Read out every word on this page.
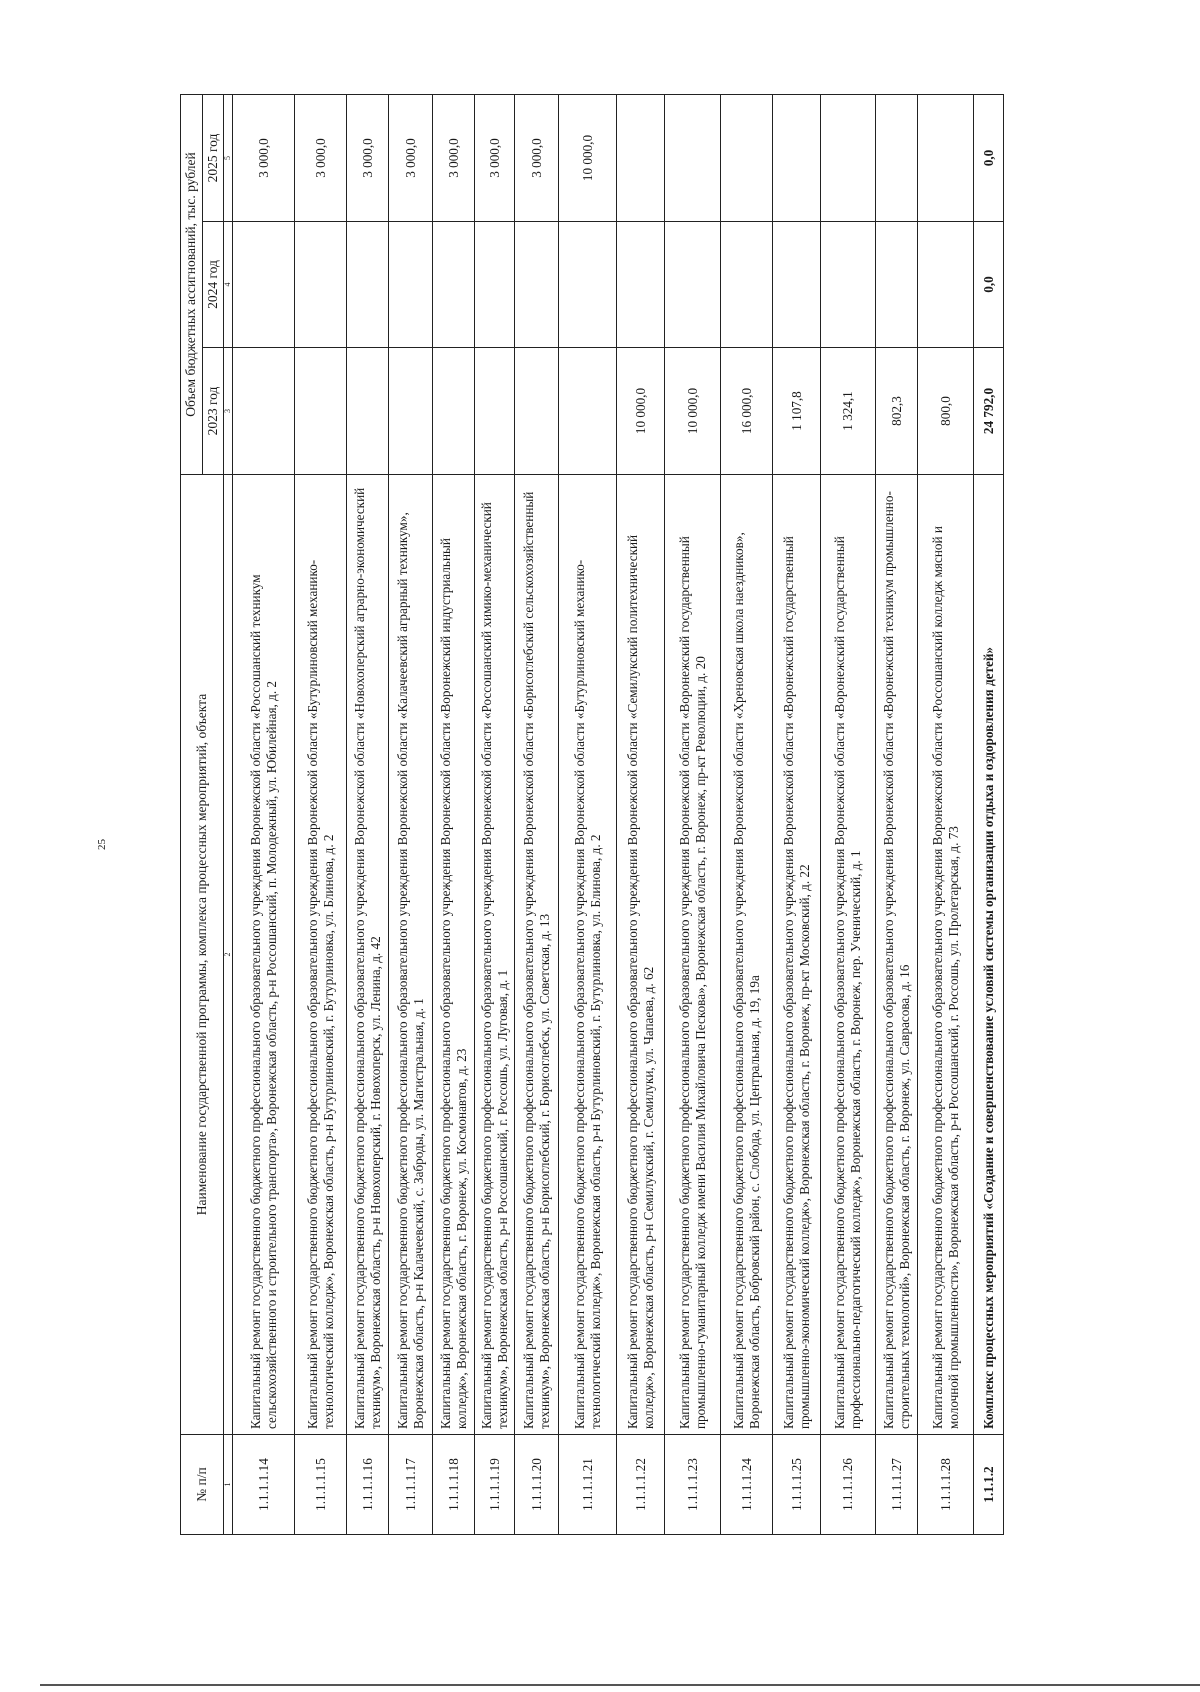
25
№ п/п	Наименование государственной программы, комплекса процессных мероприятий, объекта	Объем бюджетных ассигнований, тыс. рублей		
		2023 год	2024 год	2025 год
1	2	3	4	5
1.1.1.1.14	Капитальный ремонт государственного бюджетного профессионального образовательного учреждения Воронежской области «Россошанский техникум сельскохозяйственного и строительного транспорта», Воронежская область, р-н Россошанский, п. Молодежный, ул. Юбилейная, д. 2			3 000,0
1.1.1.1.15	Капитальный ремонт государственного бюджетного профессионального образовательного учреждения Воронежской области «Бутурлиновский механико-технологический колледж», Воронежская область, р-н Бутурлиновский, г. Бутурлиновка, ул. Блинова, д. 2			3 000,0
1.1.1.1.16	Капитальный ремонт государственного бюджетного профессионального образовательного учреждения Воронежской области «Новохоперский аграрно-экономический техникум», Воронежская область, р-н Новохоперский, г. Новохоперск, ул. Ленина, д. 42			3 000,0
1.1.1.1.17	Капитальный ремонт государственного бюджетного профессионального образовательного учреждения Воронежской области «Калачеевский аграрный техникум», Воронежская область, р-н Калачеевский, с. Заброды, ул. Магистральная, д. 1			3 000,0
1.1.1.1.18	Капитальный ремонт государственного бюджетного профессионального образовательного учреждения Воронежской области «Воронежский индустриальный колледж», Воронежская область, г. Воронеж, ул. Космонавтов, д. 23			3 000,0
1.1.1.1.19	Капитальный ремонт государственного бюджетного профессионального образовательного учреждения Воронежской области «Россошанский химико-механический техникум», Воронежская область, р-н Россошанский, г. Россошь, ул. Луговая, д. 1			3 000,0
1.1.1.1.20	Капитальный ремонт государственного бюджетного профессионального образовательного учреждения Воронежской области «Борисоглебский сельскохозяйственный техникум», Воронежская область, р-н Борисоглебский, г. Борисоглебск, ул. Советская, д. 13			3 000,0
1.1.1.1.21	Капитальный ремонт государственного бюджетного профессионального образовательного учреждения Воронежской области «Бутурлиновский механико-технологический колледж», Воронежская область, р-н Бутурлиновский, г. Бутурлиновка, ул. Блинова, д. 2			10 000,0
1.1.1.1.22	Капитальный ремонт государственного бюджетного профессионального образовательного учреждения Воронежской области «Семилукский политехнический колледж», Воронежская область, р-н Семилукский, г. Семилуки, ул. Чапаева, д. 62	10 000,0		
1.1.1.1.23	Капитальный ремонт государственного бюджетного профессионального образовательного учреждения Воронежской области «Воронежский государственный промышленно-гуманитарный колледж имени Василия Михайловича Пескова», Воронежская область, г. Воронеж, пр-кт Революции, д. 20	10 000,0		
1.1.1.1.24	Капитальный ремонт государственного бюджетного профессионального образовательного учреждения Воронежской области «Хреновская школа наездников», Воронежская область, Бобровский район, с. Слобода, ул. Центральная, д. 19, 19а	16 000,0		
1.1.1.1.25	Капитальный ремонт государственного бюджетного профессионального образовательного учреждения Воронежской области «Воронежский государственный промышленно-экономический колледж», Воронежская область, г. Воронеж, пр-кт Московский, д. 22	1 107,8		
1.1.1.1.26	Капитальный ремонт государственного бюджетного профессионального образовательного учреждения Воронежской области «Воронежский государственный профессионально-педагогический колледж», Воронежская область, г. Воронеж, пер. Ученический, д. 1	1 324,1		
1.1.1.1.27	Капитальный ремонт государственного бюджетного профессионального образовательного учреждения Воронежской области «Воронежский техникум промышленно-строительных технологий», Воронежская область, г. Воронеж, ул. Савраcова, д. 16	802,3		
1.1.1.1.28	Капитальный ремонт государственного бюджетного профессионального образовательного учреждения Воронежской области «Россошанский колледж мясной и молочной промышленности», Воронежская область, р-н Россошанский, г. Россошь, ул. Пролетарская, д. 73	800,0		
1.1.1.2	Комплекс процессных мероприятий «Создание и совершенствование условий системы организации отдыха и оздоровления детей»	24 792,0	0,0	0,0
